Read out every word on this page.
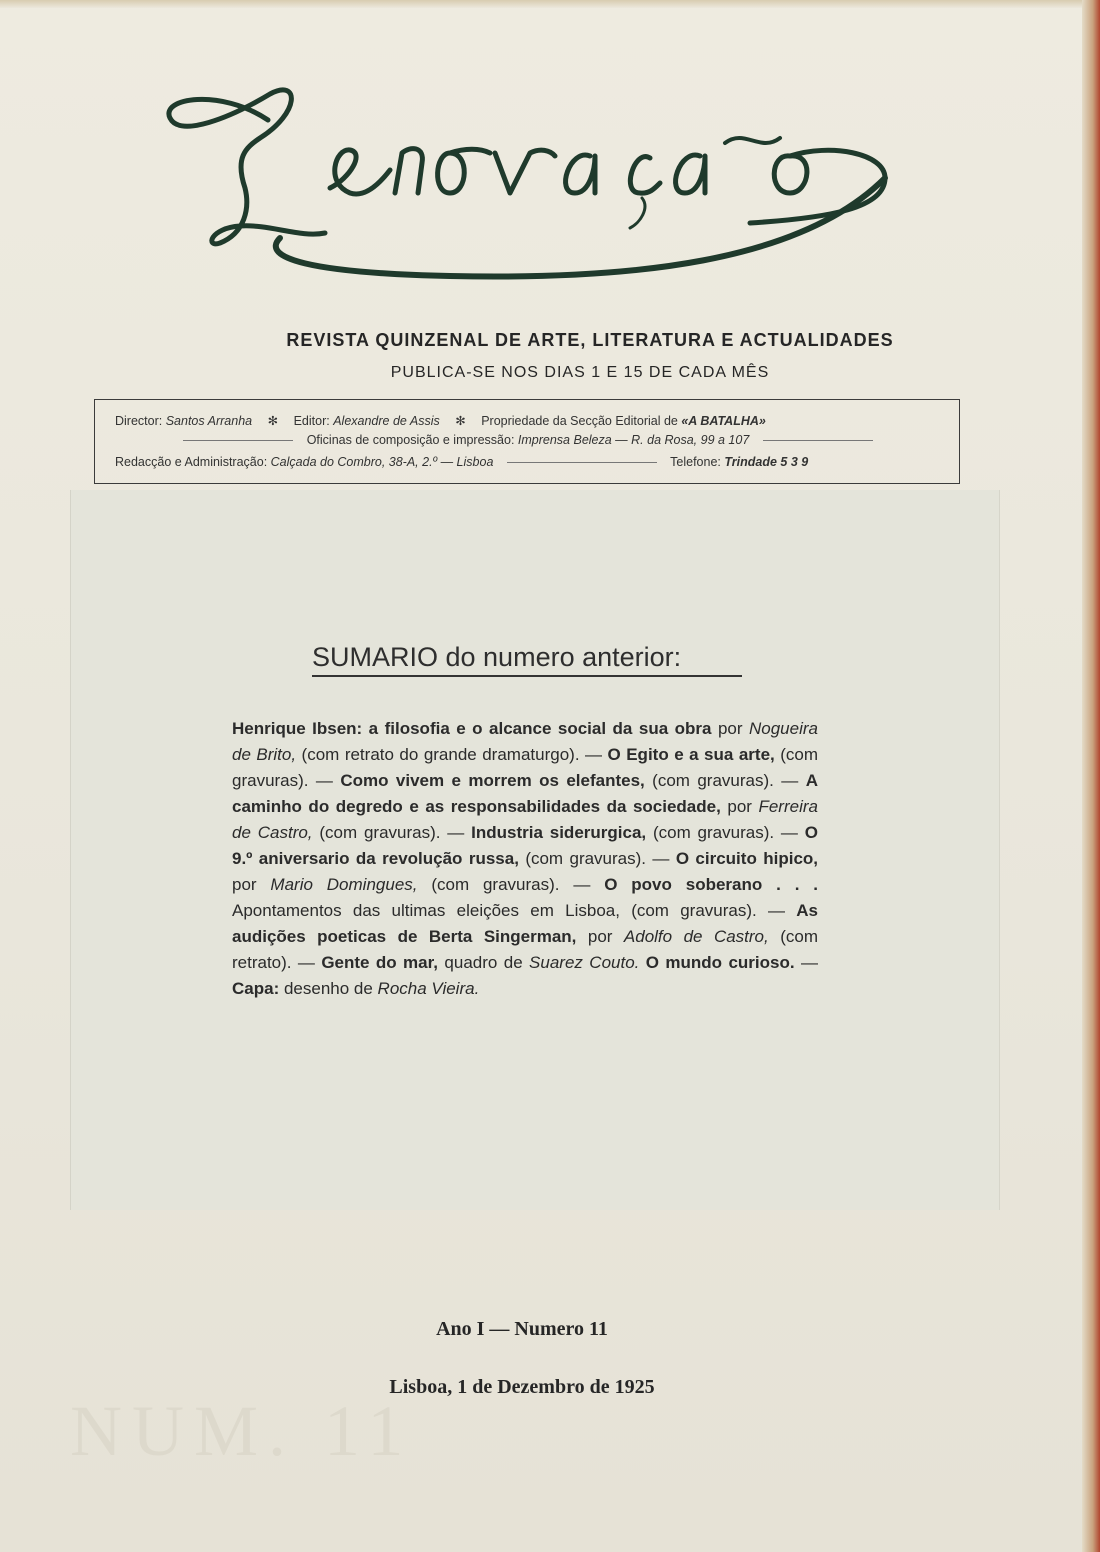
NUM. 11
REVISTA QUINZENAL DE ARTE, LITERATURA E ACTUALIDADES
PUBLICA-SE NOS DIAS 1 E 15 DE CADA MÊS
Director: Santos Arranha ✻ Editor: Alexandre de Assis ✻ Propriedade da Secção Editorial de «A BATALHA»
Oficinas de composição e impressão: Imprensa Beleza — R. da Rosa, 99 a 107
Redacção e Administração: Calçada do Combro, 38-A, 2.º — Lisboa	Telefone: Trindade 5 3 9
SUMARIO do numero anterior:
Henrique Ibsen: a filosofia e o alcance social da sua obra por Nogueira de Brito, (com retrato do grande dramaturgo). — O Egito e a sua arte, (com gravuras). — Como vivem e morrem os elefantes, (com gravuras). — A caminho do degredo e as responsabilidades da sociedade, por Ferreira de Castro, (com gravuras). — Industria siderurgica, (com gravuras). — O 9.º aniversario da revolução russa, (com gravuras). — O circuito hipico, por Mario Domingues, (com gravuras). — O povo soberano . . . Apontamentos das ultimas eleições em Lisboa, (com gravuras). — As audições poeticas de Berta Singerman, por Adolfo de Castro, (com retrato). — Gente do mar, quadro de Suarez Couto. O mundo curioso. — Capa: desenho de Rocha Vieira.
Ano I — Numero 11
Lisboa, 1 de Dezembro de 1925
